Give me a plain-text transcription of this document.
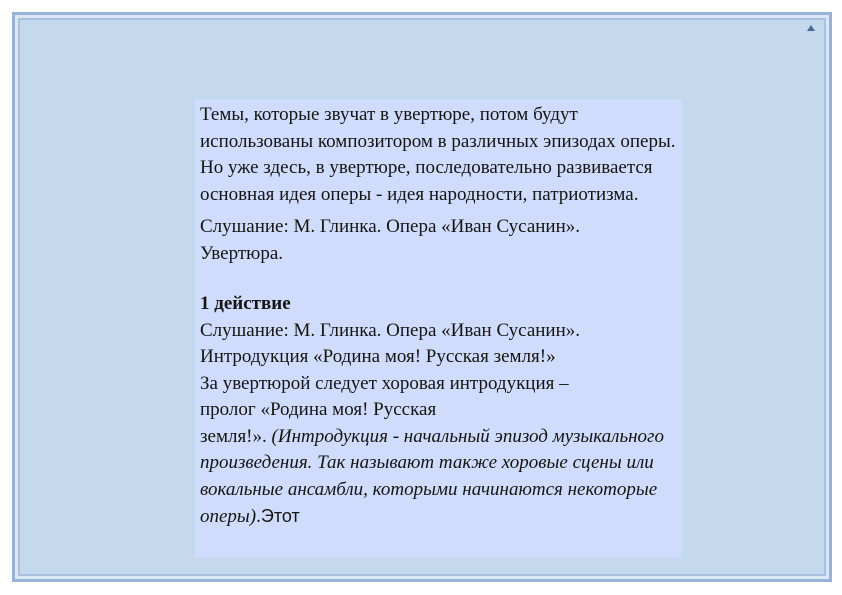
Темы, которые звучат в увертюре, потом будут использованы композитором в различных эпизодах оперы. Но уже здесь, в увертюре, последовательно развивается основная идея оперы - идея народности, патриотизма.

Слушание: М. Глинка. Опера «Иван Сусанин».

Увертюра.

1 действие

Слушание: М. Глинка. Опера «Иван Сусанин».

Интродукция «Родина моя! Русская земля!»

За увертюрой следует хоровая интродукция –

пролог «Родина моя! Русская

земля!». (Интродукция - начальный эпизод музыкального произведения. Так называют также хоровые сцены или вокальные ансамбли, которыми начинаются некоторые оперы).Этот
